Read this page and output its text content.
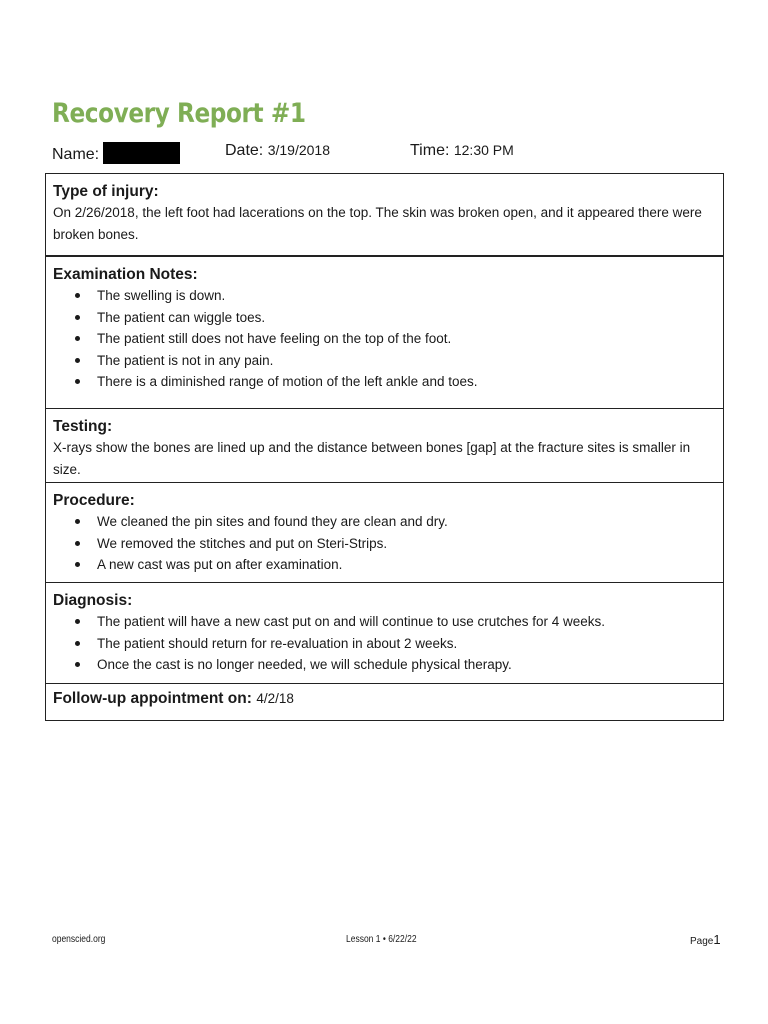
Recovery Report #1
Name:	Date: 3/19/2018	Time: 12:30 PM
Type of injury:

On 2/26/2018, the left foot had lacerations on the top. The skin was broken open, and it appeared there were broken bones.

Examination Notes:
The swelling is down.
The patient can wiggle toes.
The patient still does not have feeling on the top of the foot.
The patient is not in any pain.
There is a diminished range of motion of the left ankle and toes.
Testing:

X-rays show the bones are lined up and the distance between bones [gap] at the fracture sites is smaller in size.

Procedure:
We cleaned the pin sites and found they are clean and dry.
We removed the stitches and put on Steri-Strips.
A new cast was put on after examination.
Diagnosis:
The patient will have a new cast put on and will continue to use crutches for 4 weeks.
The patient should return for re-evaluation in about 2 weeks.
Once the cast is no longer needed, we will schedule physical therapy.
Follow-up appointment on: 4/2/18
openscied.org	Lesson 1 • 6/22/22	Page1
